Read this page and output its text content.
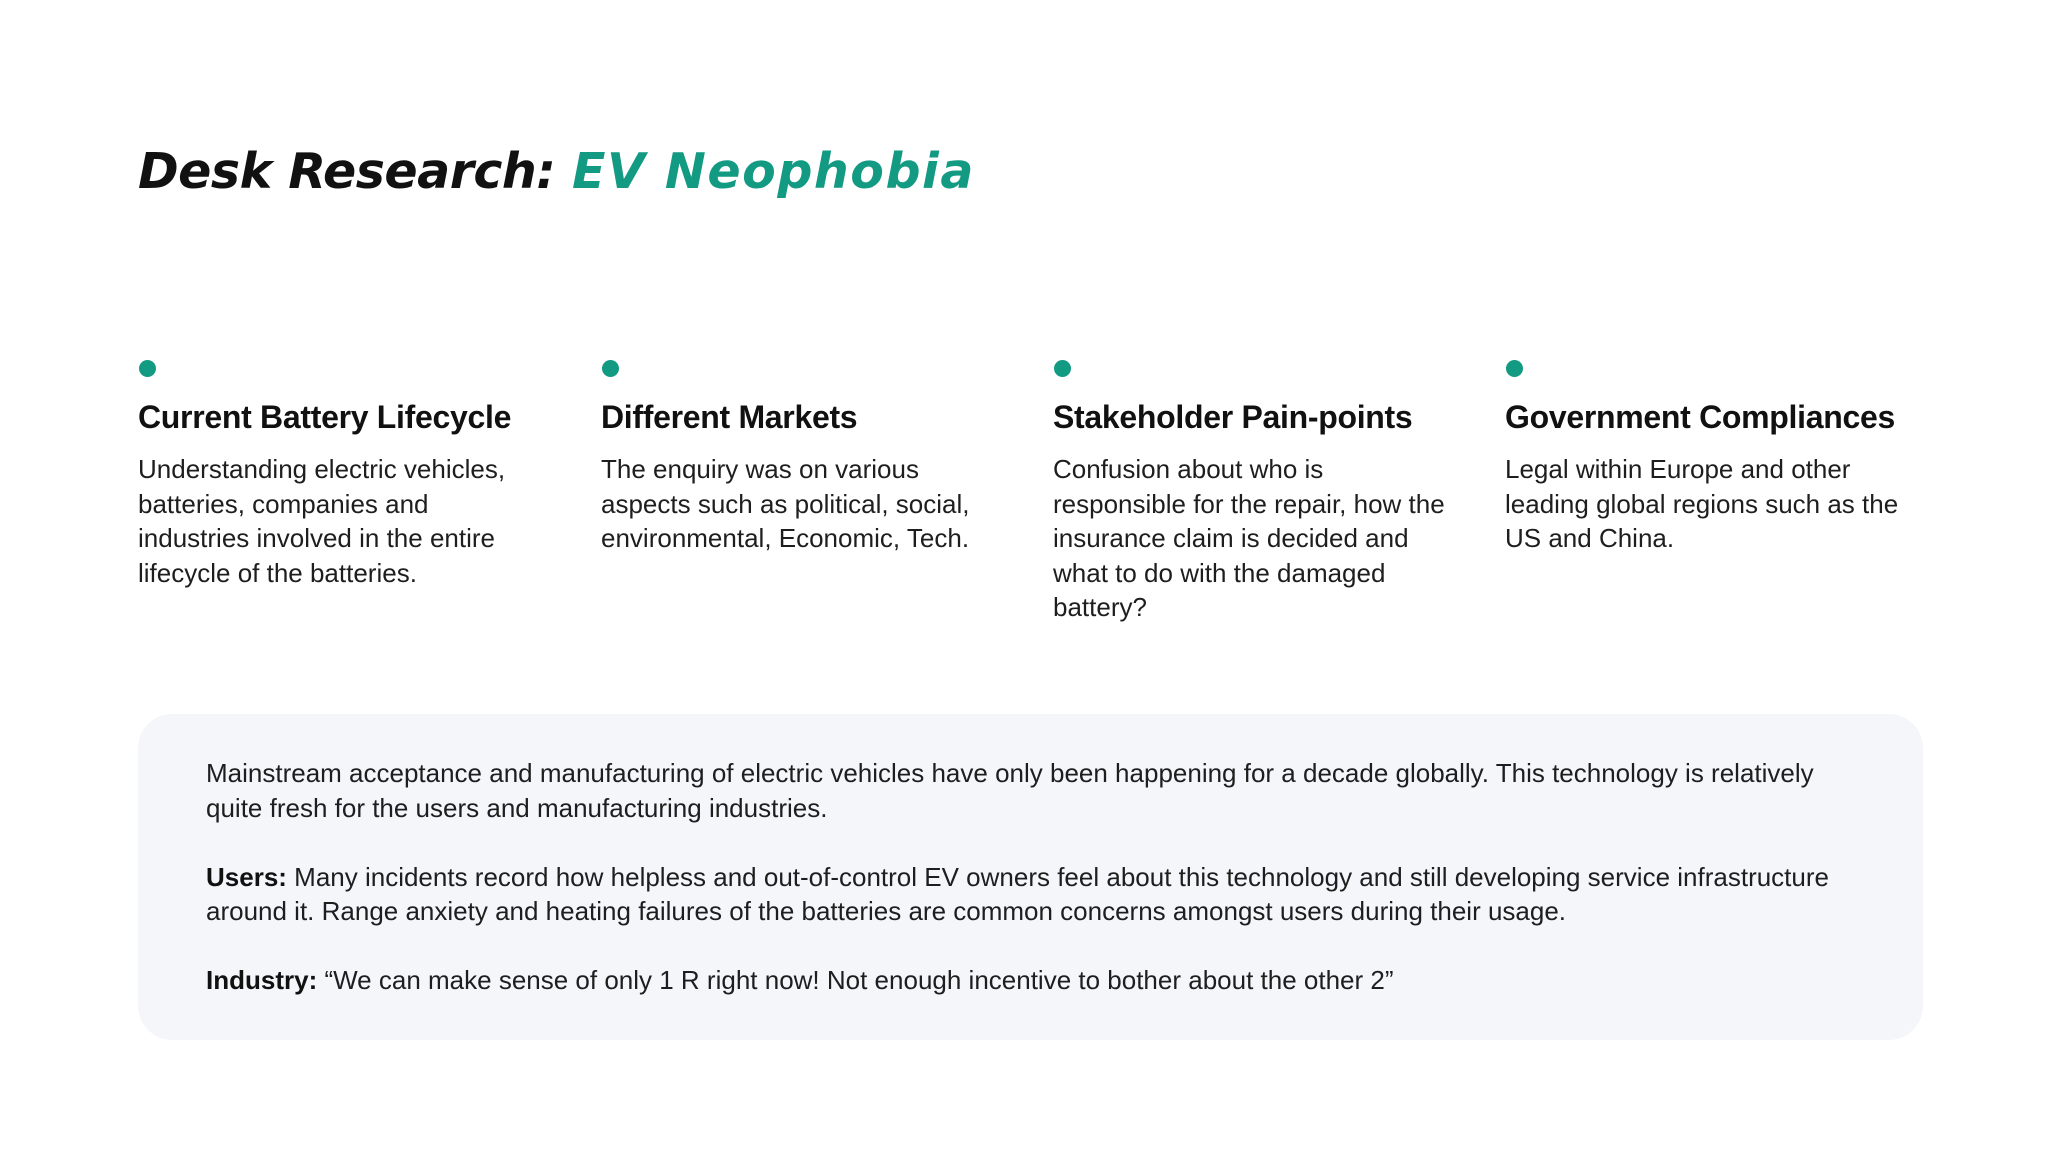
Desk Research: EV Neophobia
Current Battery Lifecycle

Understanding electric vehicles, batteries, companies and industries involved in the entire lifecycle of the batteries.

Different Markets

The enquiry was on various aspects such as political, social, environmental, Economic, Tech.

Stakeholder Pain-points

Confusion about who is responsible for the repair, how the insurance claim is decided and what to do with the damaged battery?

Government Compliances

Legal within Europe and other leading global regions such as the US and China.

Mainstream acceptance and manufacturing of electric vehicles have only been happening for a decade globally. This technology is relatively quite fresh for the users and manufacturing industries.

Users: Many incidents record how helpless and out-of-control EV owners feel about this technology and still developing service infrastructure around it. Range anxiety and heating failures of the batteries are common concerns amongst users during their usage.

Industry: “We can make sense of only 1 R right now! Not enough incentive to bother about the other 2”
